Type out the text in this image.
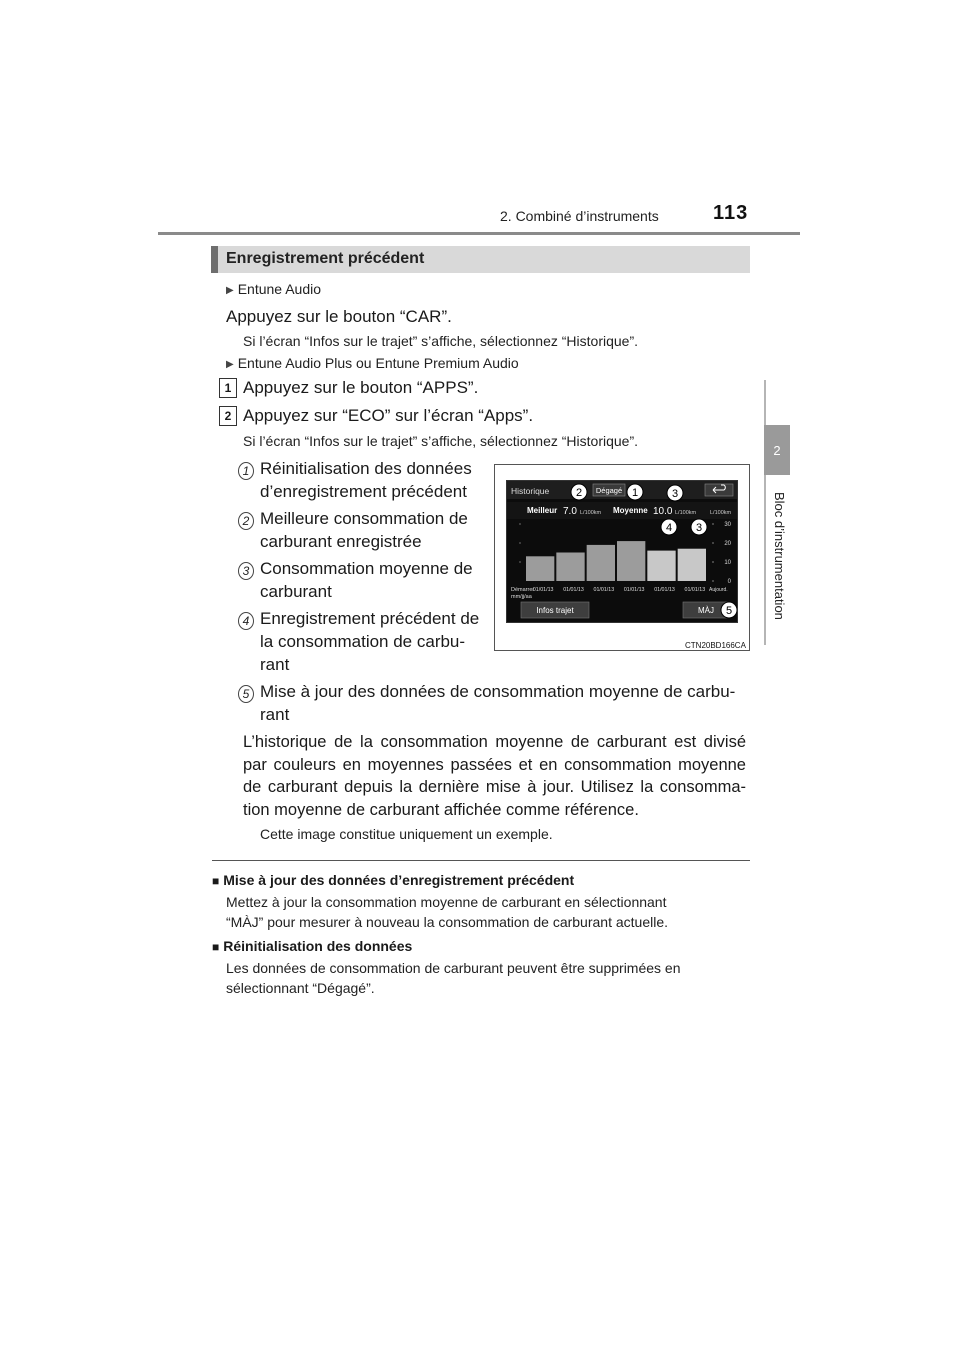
2. Combiné d’instruments	113
2
Bloc d’instrumentation
Enregistrement précédent
▶ Entune Audio
Appuyez sur le bouton “CAR”.
Si l’écran “Infos sur le trajet” s’affiche, sélectionnez “Historique”.
▶ Entune Audio Plus ou Entune Premium Audio
1 Appuyez sur le bouton “APPS”.
2 Appuyez sur “ECO” sur l’écran “Apps”.
Si l’écran “Infos sur le trajet” s’affiche, sélectionnez “Historique”.
1 Réinitialisation des données
d’enregistrement précédent
2 Meilleure consommation de
carburant enregistrée
3 Consommation moyenne de
carburant
4 Enregistrement précédent de
la consommation de carbu-
rant
5 Mise à jour des données de consommation moyenne de carbu-
rant
L’historique de la consommation moyenne de carburant est divisé par couleurs en moyennes passées et en consommation moyenne de carburant depuis la dernière mise à jour. Utilisez la consomma-tion moyenne de carburant affichée comme référence.
Cette image constitue uniquement un exemple.
Historique	Dégagé
Meilleur 7.0 L/100km Moyenne 10.0 L/100km	L/100km
30
20
10
0
Démarrer
mm/jj/aa
01/01/13 01/01/13 01/01/13 01/01/13 01/01/13 01/01/13 Aujourd.
Infos trajet	MÀJ
2	1	3
4 3
5
CTN20BD166CA
■ Mise à jour des données d’enregistrement précédent
Mettez à jour la consommation moyenne de carburant en sélectionnant
“MÀJ” pour mesurer à nouveau la consommation de carburant actuelle.
■ Réinitialisation des données
Les données de consommation de carburant peuvent être supprimées en
sélectionnant “Dégagé”.
